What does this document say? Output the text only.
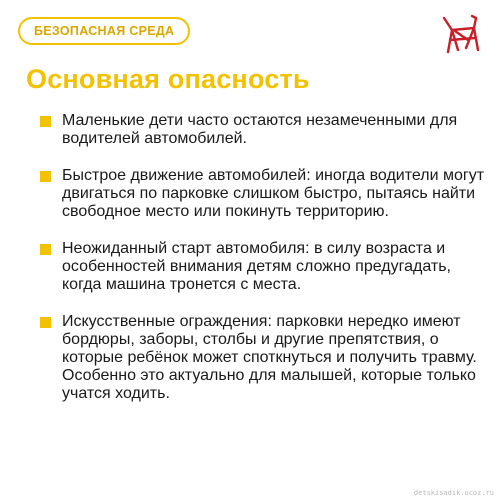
БЕЗОПАСНАЯ СРЕДА
Основная опасность
Маленькие дети часто остаются незамеченными для водителей автомобилей.
Быстрое движение автомобилей: иногда водители могут двигаться по парковке слишком быстро, пытаясь найти свободное место или покинуть территорию.
Неожиданный старт автомобиля: в силу возраста и особенностей внимания детям сложно предугадать, когда машина тронется с места.
Искусственные ограждения: парковки нередко имеют бордюры, заборы, столбы и другие препятствия, о которые ребёнок может споткнуться и получить травму. Особенно это актуально для малышей, которые только учатся ходить.
detskisadik.ucoz.ru
